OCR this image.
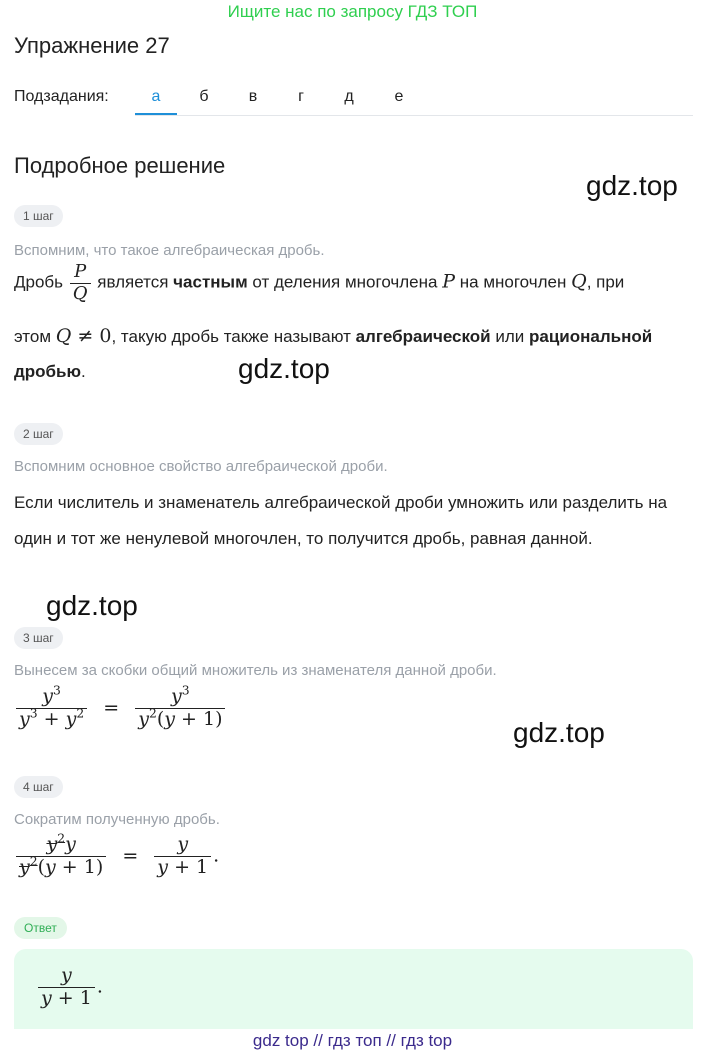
Ищите нас по запросу ГДЗ ТОП
Упражнение 27
Подзадания:	а	б	в	г	д	е
Подробное решение
gdz.top
1 шаг
Вспомним, что такое алгебраическая дробь.
Дробь $\frac{P}{Q}$ является частным от деления многочлена P на многочлен Q, при
этом Q ≠ 0, такую дробь также называют алгебраической или рациональной
дробью.	gdz.top
2 шаг
Вспомним основное свойство алгебраической дроби.
Если числитель и знаменатель алгебраической дроби умножить или разделить на один и тот же ненулевой многочлен, то получится дробь, равная данной.
gdz.top
3 шаг
Вынесем за скобки общий множитель из знаменателя данной дроби.
$\frac{y^3}{y^3 + y^2} = \frac{y^3}{y^2(y + 1)}$
gdz.top
4 шаг
Сократим полученную дробь.
$\frac{y^2y}{y^2(y + 1)} = \frac{y}{y + 1}$ .
Ответ
$\frac{y}{y + 1}$ .
gdz top // гдз топ // гдз top
